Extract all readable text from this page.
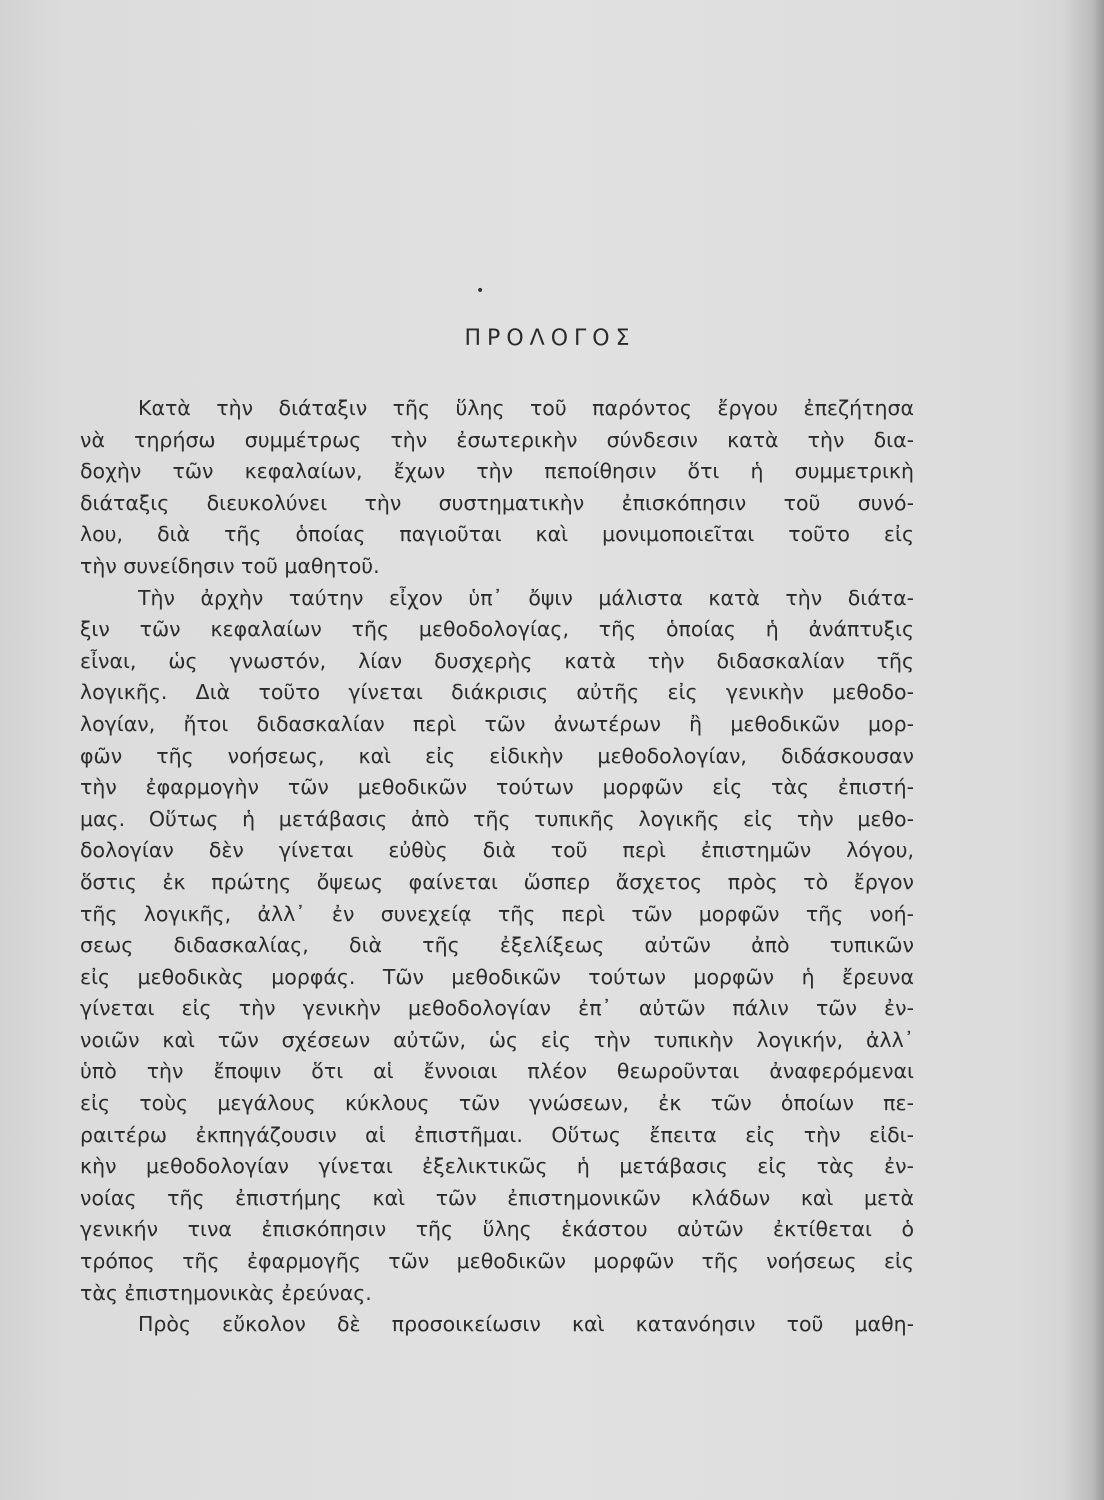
•
ΠΡΟΛΟΓΟΣ
Κατὰ τὴν διάταξιν τῆς ὕλης τοῦ παρόντος ἔργου ἐπεζήτησα
νὰ τηρήσω συμμέτρως τὴν ἐσωτερικὴν σύνδεσιν κατὰ τὴν δια-
δοχὴν τῶν κεφαλαίων, ἔχων τὴν πεποίθησιν ὅτι ἡ συμμετρικὴ
διάταξις διευκολύνει τὴν συστηματικὴν ἐπισκόπησιν τοῦ συνό-
λου, διὰ τῆς ὁποίας παγιοῦται καὶ μονιμοποιεῖται τοῦτο εἰς
τὴν συνείδησιν τοῦ μαθητοῦ.
Τὴν ἀρχὴν ταύτην εἶχον ὑπ᾽ ὄψιν μάλιστα κατὰ τὴν διάτα-
ξιν τῶν κεφαλαίων τῆς μεθοδολογίας, τῆς ὁποίας ἡ ἀνάπτυξις
εἶναι, ὡς γνωστόν, λίαν δυσχερὴς κατὰ τὴν διδασκαλίαν τῆς
λογικῆς. Διὰ τοῦτο γίνεται διάκρισις αὐτῆς εἰς γενικὴν μεθοδο-
λογίαν, ἤτοι διδασκαλίαν περὶ τῶν ἀνωτέρων ἢ μεθοδικῶν μορ-
φῶν τῆς νοήσεως, καὶ εἰς εἰδικὴν μεθοδολογίαν, διδάσκουσαν
τὴν ἐφαρμογὴν τῶν μεθοδικῶν τούτων μορφῶν εἰς τὰς ἐπιστή-
μας. Οὕτως ἡ μετάβασις ἀπὸ τῆς τυπικῆς λογικῆς εἰς τὴν μεθο-
δολογίαν δὲν γίνεται εὐθὺς διὰ τοῦ περὶ ἐπιστημῶν λόγου,
ὅστις ἐκ πρώτης ὄψεως φαίνεται ὥσπερ ἄσχετος πρὸς τὸ ἔργον
τῆς λογικῆς, ἀλλ᾽ ἐν συνεχείᾳ τῆς περὶ τῶν μορφῶν τῆς νοή-
σεως διδασκαλίας, διὰ τῆς ἐξελίξεως αὐτῶν ἀπὸ τυπικῶν
εἰς μεθοδικὰς μορφάς. Τῶν μεθοδικῶν τούτων μορφῶν ἡ ἔρευνα
γίνεται εἰς τὴν γενικὴν μεθοδολογίαν ἐπ᾽ αὐτῶν πάλιν τῶν ἐν-
νοιῶν καὶ τῶν σχέσεων αὐτῶν, ὡς εἰς τὴν τυπικὴν λογικήν, ἀλλ᾽
ὑπὸ τὴν ἔποψιν ὅτι αἱ ἔννοιαι πλέον θεωροῦνται ἀναφερόμεναι
εἰς τοὺς μεγάλους κύκλους τῶν γνώσεων, ἐκ τῶν ὁποίων πε-
ραιτέρω ἐκπηγάζουσιν αἱ ἐπιστῆμαι. Οὕτως ἔπειτα εἰς τὴν εἰδι-
κὴν μεθοδολογίαν γίνεται ἐξελικτικῶς ἡ μετάβασις εἰς τὰς ἐν-
νοίας τῆς ἐπιστήμης καὶ τῶν ἐπιστημονικῶν κλάδων καὶ μετὰ
γενικήν τινα ἐπισκόπησιν τῆς ὕλης ἑκάστου αὐτῶν ἐκτίθεται ὁ
τρόπος τῆς ἐφαρμογῆς τῶν μεθοδικῶν μορφῶν τῆς νοήσεως εἰς
τὰς ἐπιστημονικὰς ἐρεύνας.
Πρὸς εὔκολον δὲ προσοικείωσιν καὶ κατανόησιν τοῦ μαθη-
